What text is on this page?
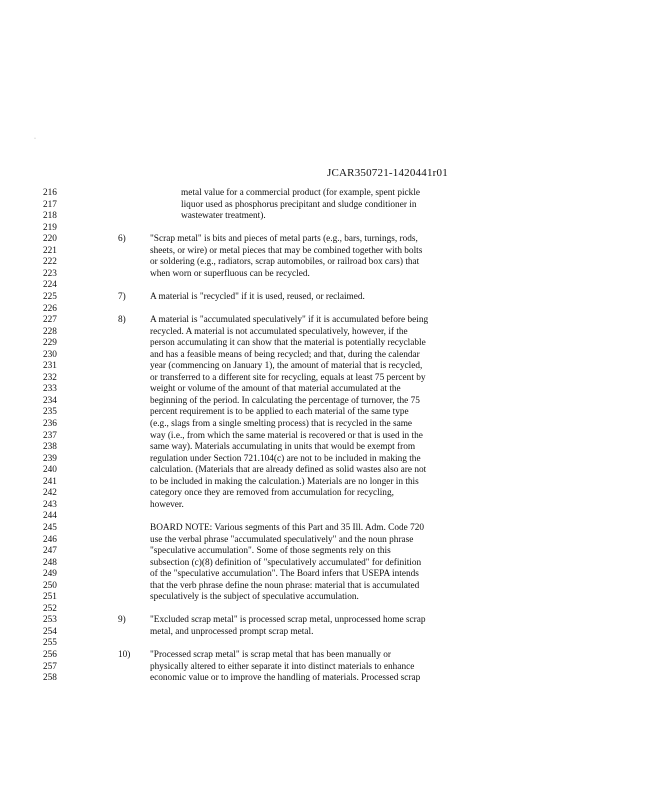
·
JCAR350721-1420441r01
216	metal value for a commercial product (for example, spent pickle
217	liquor used as phosphorus precipitant and sludge conditioner in
218	wastewater treatment).
219
220	6)	"Scrap metal" is bits and pieces of metal parts (e.g., bars, turnings, rods,
221	sheets, or wire) or metal pieces that may be combined together with bolts
222	or soldering (e.g., radiators, scrap automobiles, or railroad box cars) that
223	when worn or superfluous can be recycled.
224
225	7)	A material is "recycled" if it is used, reused, or reclaimed.
226
227	8)	A material is "accumulated speculatively" if it is accumulated before being
228	recycled. A material is not accumulated speculatively, however, if the
229	person accumulating it can show that the material is potentially recyclable
230	and has a feasible means of being recycled; and that, during the calendar
231	year (commencing on January 1), the amount of material that is recycled,
232	or transferred to a different site for recycling, equals at least 75 percent by
233	weight or volume of the amount of that material accumulated at the
234	beginning of the period. In calculating the percentage of turnover, the 75
235	percent requirement is to be applied to each material of the same type
236	(e.g., slags from a single smelting process) that is recycled in the same
237	way (i.e., from which the same material is recovered or that is used in the
238	same way). Materials accumulating in units that would be exempt from
239	regulation under Section 721.104(c) are not to be included in making the
240	calculation. (Materials that are already defined as solid wastes also are not
241	to be included in making the calculation.) Materials are no longer in this
242	category once they are removed from accumulation for recycling,
243	however.
244
245	BOARD NOTE: Various segments of this Part and 35 Ill. Adm. Code 720
246	use the verbal phrase "accumulated speculatively" and the noun phrase
247	"speculative accumulation". Some of those segments rely on this
248	subsection (c)(8) definition of "speculatively accumulated" for definition
249	of the "speculative accumulation". The Board infers that USEPA intends
250	that the verb phrase define the noun phrase: material that is accumulated
251	speculatively is the subject of speculative accumulation.
252
253	9)	"Excluded scrap metal" is processed scrap metal, unprocessed home scrap
254	metal, and unprocessed prompt scrap metal.
255
256	10) "Processed scrap metal" is scrap metal that has been manually or
257	physically altered to either separate it into distinct materials to enhance
258	economic value or to improve the handling of materials. Processed scrap
